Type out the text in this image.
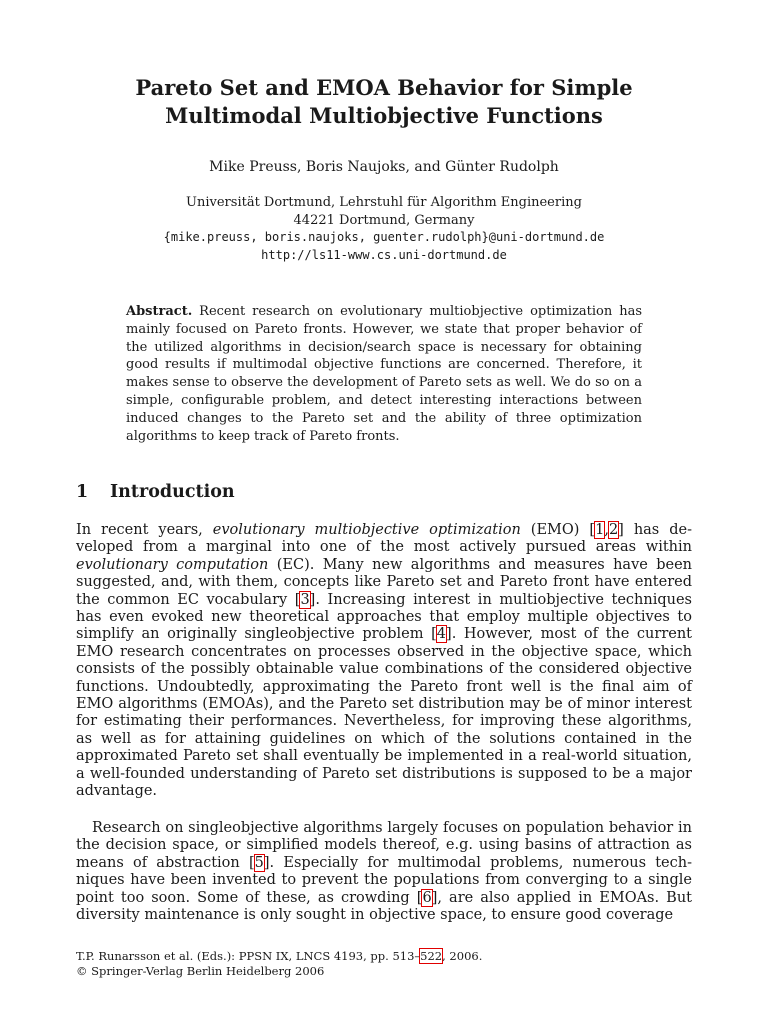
Pareto Set and EMOA Behavior for Simple
Multimodal Multiobjective Functions

Mike Preuss, Boris Naujoks, and Günter Rudolph

Universität Dortmund, Lehrstuhl für Algorithm Engineering
44221 Dortmund, Germany
{mike.preuss, boris.naujoks, guenter.rudolph}@uni-dortmund.de
http://ls11-www.cs.uni-dortmund.de

Abstract. Recent research on evolutionary multiobjective optimization has mainly focused on Pareto fronts. However, we state that proper behavior of the utilized algorithms in decision/search space is necessary for obtaining good results if multimodal objective functions are concerned. Therefore, it makes sense to observe the development of Pareto sets as well. We do so on a simple, configurable problem, and detect interesting interactions between induced changes to the Pareto set and the ability of three optimization algorithms to keep track of Pareto fronts.

1 Introduction

In recent years, evolutionary multiobjective optimization (EMO) [1,2] has developed from a marginal into one of the most actively pursued areas within evolutionary computation (EC). Many new algorithms and measures have been suggested, and, with them, concepts like Pareto set and Pareto front have entered the common EC vocabulary [3]. Increasing interest in multiobjective techniques has even evoked new theoretical approaches that employ multiple objectives to simplify an originally singleobjective problem [4]. However, most of the current EMO research concentrates on processes observed in the objective space, which consists of the possibly obtainable value combinations of the considered objective functions. Undoubtedly, approximating the Pareto front well is the final aim of EMO algorithms (EMOAs), and the Pareto set distribution may be of minor interest for estimating their performances. Nevertheless, for improving these algorithms, as well as for attaining guidelines on which of the solutions contained in the approximated Pareto set shall eventually be implemented in a real-world situation, a well-founded understanding of Pareto set distributions is supposed to be a major advantage.

Research on singleobjective algorithms largely focuses on population behavior in the decision space, or simplified models thereof, e.g. using basins of attraction as means of abstraction [5]. Especially for multimodal problems, numerous techniques have been invented to prevent the populations from converging to a single point too soon. Some of these, as crowding [6], are also applied in EMOAs. But diversity maintenance is only sought in objective space, to ensure good coverage

T.P. Runarsson et al. (Eds.): PPSN IX, LNCS 4193, pp. 513–522, 2006.
© Springer-Verlag Berlin Heidelberg 2006
